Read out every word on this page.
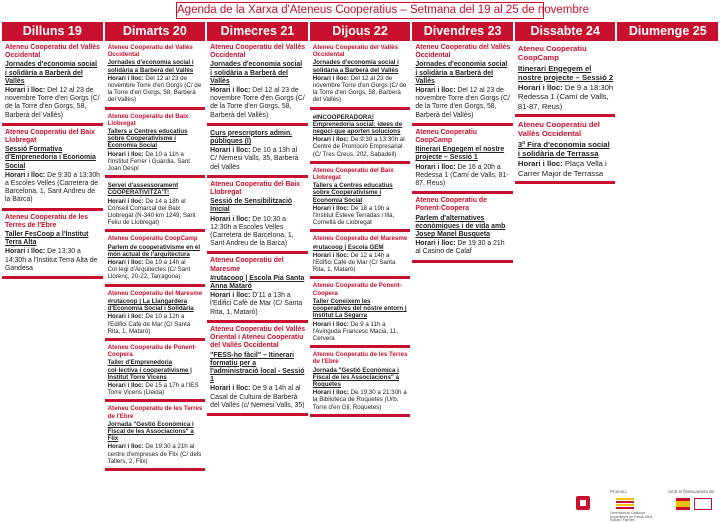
Agenda de la Xarxa d'Ateneus Cooperatius – Setmana del 19 al 25 de novembre
Dilluns 19
Ateneu Cooperatiu del Vallès Occidental
Jornades d'economia social i solidària a Barberà del Vallès
Horari i lloc: Del 12 al 23 de novembre Torre d'en Gorgs (C/ de la Torre d'en Gorgs, 58, Barberà del Vallès)
Ateneu Cooperatiu del Baix Llobregat
Sessió Formativa d'Emprenedoria i Economia Social
Horari i lloc: De 9:30 a 13:30h a Escoles Velles (Carretera de Barcelona, 1, Sant Andreu de la Barca)
Ateneu Cooperatiu de les Terres de l'Ebre
Taller FesCoop a l'Institut Terra Alta
Horari i lloc: De 13:30 a 14:30h a l'Institut Terra Alta de Gandesa
Dimarts 20
Ateneu Cooperatiu del Vallès Occidental
Jornades d'economia social i solidària a Barberà del Vallès
Horari i lloc: Del 12 al 23 de novembre Torre d'en Gorgs (C/ de la Torre d'en Gorgs, 58, Barberà del Vallès)
Ateneu Cooperatiu del Baix Llobregat
Tallers a Centres educatius sobre Cooperativisme i Economia Social
Horari i lloc: De 10 a 11h a l'Institut Ferrer i Guàrdia, Sant Joan Despí
Servei d'assessorament COOPERATIVITZA'T!
Horari i lloc: De 14 a 18h el Consell Comarcal del Baix Llobregat (N-340 km 1249, Sant Feliu de Llobregat)
Ateneu Cooperatiu CoopCamp
Parlem de cooperativisme en el món actual de l'arquitectura
Horari i lloc: De 10 a 14h al Col·legi d'Arquitectes (C/ Sant Llorenç, 20-22, Tarragona)
Ateneu Cooperatiu del Maresme
#rutacoop | La Llangardera d'Economia Social i Solidària
Horari i lloc: De 10 a 12h a l'Edifici Cafè de Mar (C/ Santa Rita, 1, Mataró)
Ateneu Cooperatiu de Ponent-Coopera
Taller d'Emprenedoria col·lectiva i cooperativisme | Institut Torre Vicens
Horari i lloc: De 15 a 17h a l'IES Torre Vicens (Lleida)
Ateneu Cooperatiu de les Terres de l'Ebre
Jornada "Gestió Econòmica i Fiscal de les Associacions" a Flix
Horari i lloc: De 19:30 a 21h al centre d'empreses de Flix (C/ dels Tallers, 2, Flix)
Dimecres 21
Ateneu Cooperatiu del Vallès Occidental
Jornades d'economia social i solidària a Barberà del Vallès
Horari i lloc: Del 12 al 23 de novembre Torre d'en Gorgs (C/ de la Torre d'en Gorgs, 58, Barberà del Vallès)
Curs prescriptors admin. públiques (I)
Horari i lloc: De 10 a 13h al C/ Nemesi Valls, 35, Barberà del Vallès
Ateneu Cooperatiu del Baix Llobregat
Sessió de Sensibilització Inicial
Horari i lloc: De 10:30 a 12:30h a Escoles Velles (Carretera de Barcelona, 1, Sant Andreu de la Barca)
Ateneu Cooperatiu del Maresme
#rutacoop | Escola Pia Santa Anna Mataró
Horari i lloc: D'11 a 13h a l'Edifici Cafè de Mar (C/ Santa Rita, 1, Mataró)
Ateneu Cooperatiu del Vallès Oriental i Ateneu Cooperatiu del Vallès Occidental
"FESS-ho fàcil" – Itinerari formatiu per a l'administració local - Sessió 1
Horari i lloc: De 9 a 14h al al Casal de Cultura de Barberà del Vallès (c/ Nemesi Valls, 35)
Dijous 22
Ateneu Cooperatiu del Vallès Occidental
Jornades d'economia social i solidària a Barberà del Vallès
Horari i lloc: Del 12 al 23 de novembre Torre d'en Gorgs (C/ de la Torre d'en Gorgs, 58, Barberà del Vallès)
#INCOOPERADORA! Emprenedoria social: idees de negoci que aporten solucions
Horari i lloc: De 9:30 a 13:30h al Centre de Promoció Empresarial (C/ Tres Creus, 202, Sabadell)
Ateneu Cooperatiu del Baix Llobregat
Tallers a Centres educatius sobre Cooperativisme i Economia Social
Horari i lloc: De 18 a 19h a l'Institut Esteve Terradas i Illa, Cornellà de Llobregat
Ateneu Cooperatiu del Maresme
#rutacoop | Escola GEM
Horari i lloc: De 12 a 14h a l'Edifici Cafè de Mar (C/ Santa Rita, 1, Mataró)
Ateneu Cooperatiu de Ponent-Coopera
Taller Coneixem les cooperatives del nostre entorn | Institut La Segarra
Horari i lloc: De 9 a 11h a l'Avinguda Francesc Macià, 11, Cervera
Ateneu Cooperatiu de les Terres de l'Ebre
Jornada "Gestió Econòmica i Fiscal de les Associacions" a Roquetes
Horari i lloc: De 19:30 a 21:30h a la Biblioteca de Roquetes (Urb. Torre d'en Gil, Roquetes)
Divendres 23
Ateneu Cooperatiu del Vallès Occidental
Jornades d'economia social i solidària a Barberà del Vallès
Horari i lloc: Del 12 al 23 de novembre Torre d'en Gorgs (C/ de la Torre d'en Gorgs, 58, Barberà del Vallès)
Ateneu Cooperatiu CoopCamp
Itinerari Engegem el nostre projecte – Sessió 1
Horari i lloc: De 16 a 20h a Redessa 1 (Camí de Valls, 81-87, Reus)
Ateneu Cooperatiu de Ponent-Coopera
Parlem d'alternatives econòmiques i de vida amb Josep Manel Busqueta
Horari i lloc: De 19:30 a 21h al Casino de Calaf
Dissabte 24
Ateneu Cooperatiu CoopCamp
Itinerari Engegem el nostre projecte – Sessió 2
Horari i lloc: De 9 a 18:30h Redessa 1 (Camí de Valls, 81-87, Reus)
Ateneu Cooperatiu del Vallès Occidental
3ª Fira d'economia social i solidària de Terrassa
Horari i lloc: Plaça Vella i Carrer Major de Terrassa
Diumenge 25
Promou:
Generalitat de Catalunya Departament de Treball, Afers Socials i Famílies
Amb el finançament de:
